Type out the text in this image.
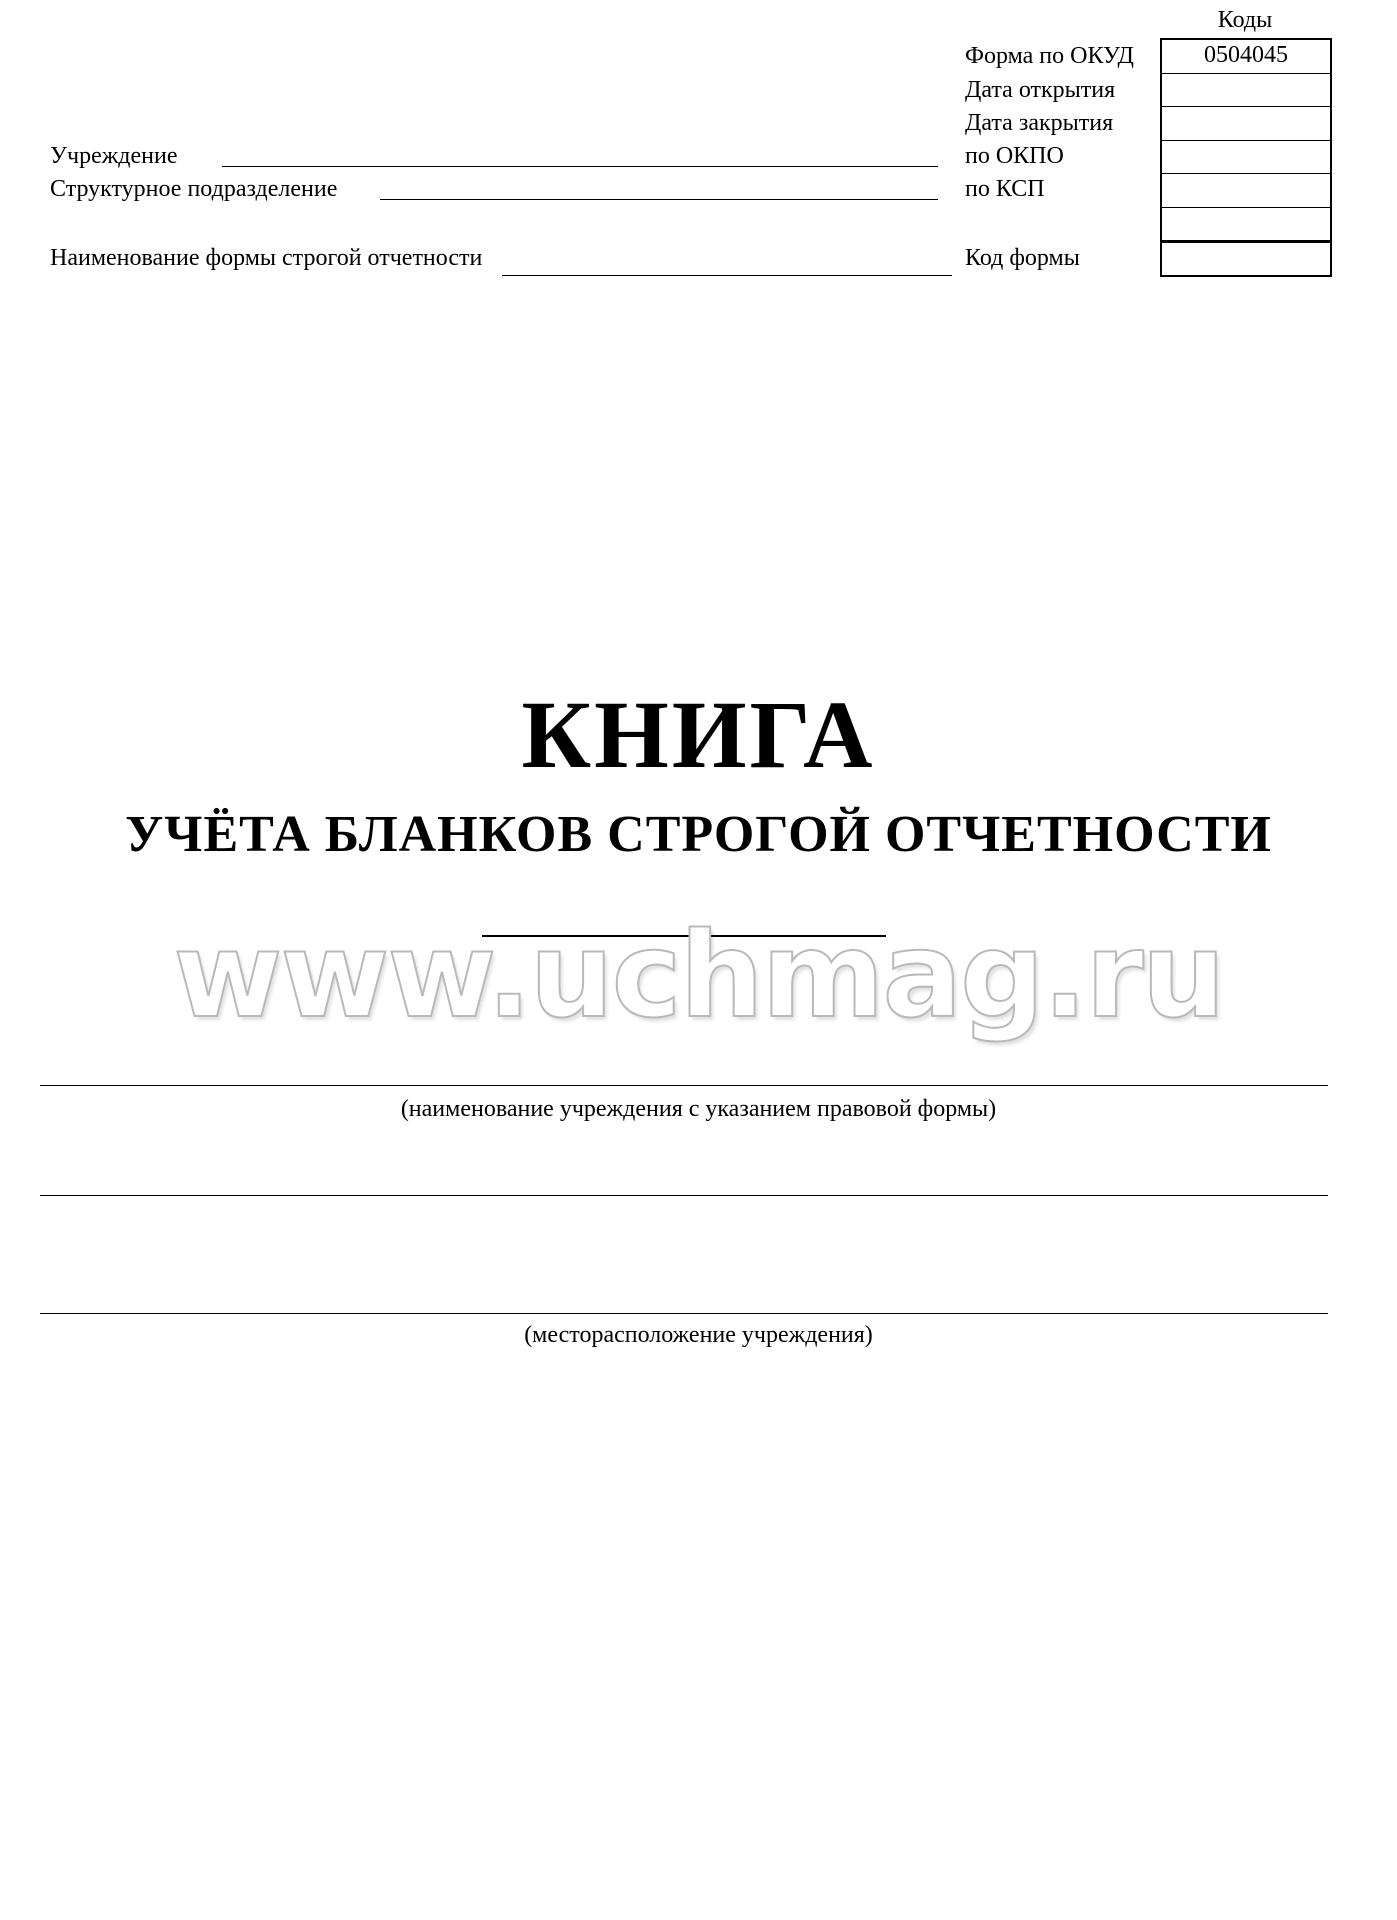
Коды
Форма по ОКУД
Дата открытия
Дата закрытия
по ОКПО
по КСП
Код формы
0504045
Учреждение
Структурное подразделение
Наименование формы строгой отчетности
КНИГА
УЧЁТА БЛАНКОВ СТРОГОЙ ОТЧЕТНОСТИ
www.uchmag.ru
(наименование учреждения с указанием правовой формы)
(месторасположение учреждения)
